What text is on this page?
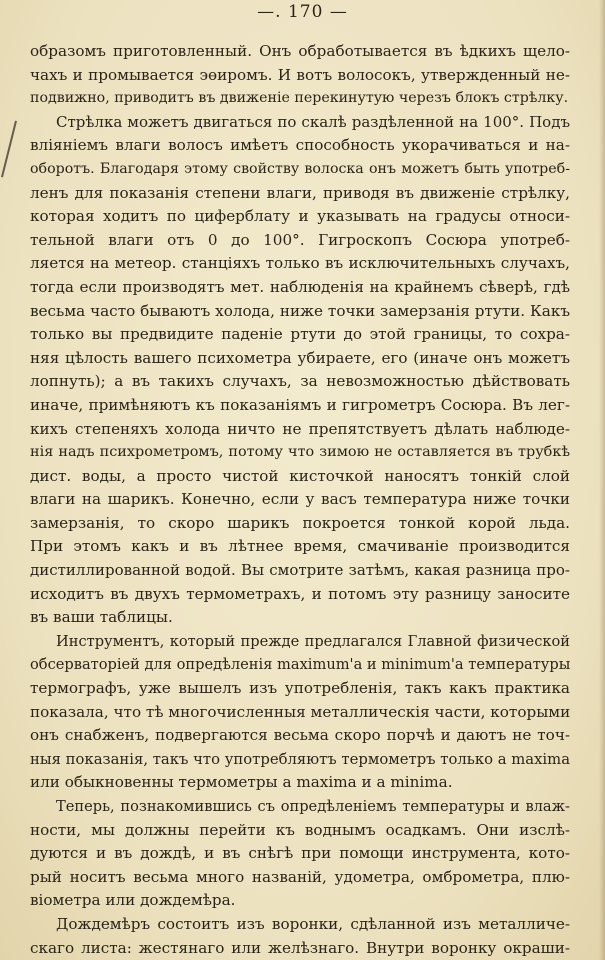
—. 170 —
образомъ приготовленный. Онъ обработывается въ ѣдкихъ щело-
чахъ и промывается эөиромъ. И вотъ волосокъ, утвержденный не-
подвижно, приводитъ въ движеніе перекинутую черезъ блокъ стрѣлку.
Стрѣлка можетъ двигаться по скалѣ раздѣленной на 100°. Подъ
вліяніемъ влаги волосъ имѣетъ способность укорачиваться и на-
оборотъ. Благодаря этому свойству волоска онъ можетъ быть употреб-
ленъ для показанія степени влаги, приводя въ движеніе стрѣлку,
которая ходитъ по циферблату и указывать на градусы относи-
тельной влаги отъ 0 до 100°. Гигроскопъ Сосюра употреб-
ляется на метеор. станціяхъ только въ исключительныхъ случахъ,
тогда если производятъ мет. наблюденія на крайнемъ сѣверѣ, гдѣ
весьма часто бываютъ холода, ниже точки замерзанія ртути. Какъ
только вы предвидите паденіе ртути до этой границы, то сохра-
няя цѣлость вашего психометра убираете, его (иначе онъ можетъ
лопнуть); а въ такихъ случахъ, за невозможностью дѣйствовать
иначе, примѣняютъ къ показаніямъ и гигрометръ Сосюра. Въ лег-
кихъ степеняхъ холода ничто не препятствуетъ дѣлать наблюде-
нія надъ психрометромъ, потому что зимою не оставляется въ трубкѣ
дист. воды, а просто чистой кисточкой наносятъ тонкій слой
влаги на шарикъ. Конечно, если у васъ температура ниже точки
замерзанія, то скоро шарикъ покроется тонкой корой льда.
При этомъ какъ и въ лѣтнее время, смачиваніе производится
дистиллированной водой. Вы смотрите затѣмъ, какая разница про-
исходитъ въ двухъ термометрахъ, и потомъ эту разницу заносите
въ ваши таблицы.
Инструментъ, который прежде предлагался Главной физической
обсерваторіей для опредѣленія maximum'a и minimum'a температуры
термографъ, уже вышелъ изъ употребленія, такъ какъ практика
показала, что тѣ многочисленныя металлическія части, которыми
онъ снабженъ, подвергаются весьма скоро порчѣ и даютъ не точ-
ныя показанія, такъ что употребляютъ термометръ только a maxima
или обыкновенны термометры a maxima и a minima.
Теперь, познакомившись съ опредѣленіемъ температуры и влаж-
ности, мы должны перейти къ воднымъ осадкамъ. Они изслѣ-
дуются и въ дождѣ, и въ снѣгѣ при помощи инструмента, кото-
рый носитъ весьма много названій, удометра, омброметра, плю-
віометра или дождемѣра.
Дождемѣръ состоитъ изъ воронки, сдѣланной изъ металличе-
скаго листа: жестянаго или желѣзнаго. Внутри воронку окраши-
